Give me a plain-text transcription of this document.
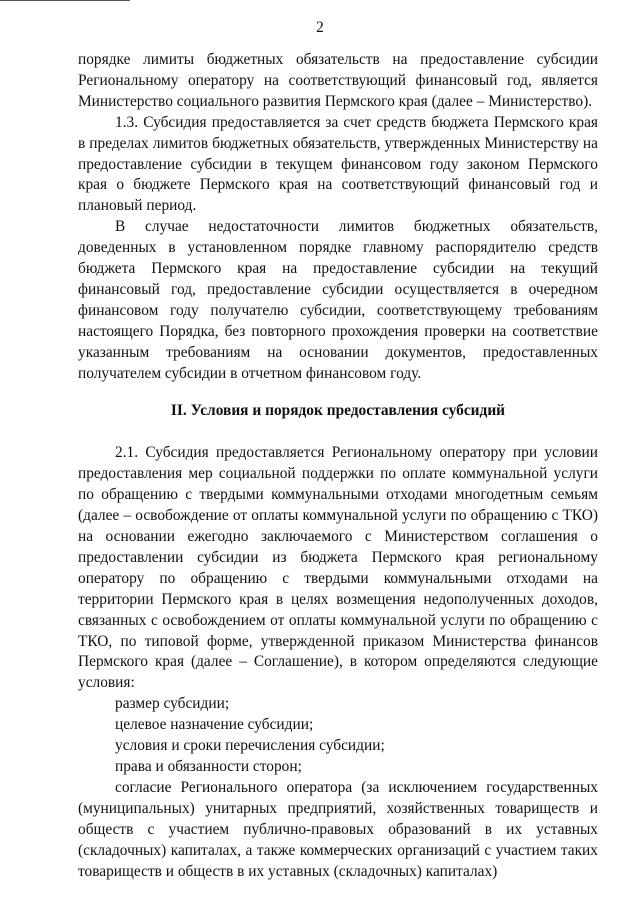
2

порядке лимиты бюджетных обязательств на предоставление субсидии Региональному оператору на соответствующий финансовый год, является Министерство социального развития Пермского края (далее – Министерство).

1.3. Субсидия предоставляется за счет средств бюджета Пермского края в пределах лимитов бюджетных обязательств, утвержденных Министерству на предоставление субсидии в текущем финансовом году законом Пермского края о бюджете Пермского края на соответствующий финансовый год и плановый период.

В случае недостаточности лимитов бюджетных обязательств, доведенных в установленном порядке главному распорядителю средств бюджета Пермского края на предоставление субсидии на текущий финансовый год, предоставление субсидии осуществляется в очередном финансовом году получателю субсидии, соответствующему требованиям настоящего Порядка, без повторного прохождения проверки на соответствие указанным требованиям на основании документов, предоставленных получателем субсидии в отчетном финансовом году.

II. Условия и порядок предоставления субсидий

2.1. Субсидия предоставляется Региональному оператору при условии предоставления мер социальной поддержки по оплате коммунальной услуги по обращению с твердыми коммунальными отходами многодетным семьям (далее – освобождение от оплаты коммунальной услуги по обращению с ТКО) на основании ежегодно заключаемого с Министерством соглашения о предоставлении субсидии из бюджета Пермского края региональному оператору по обращению с твердыми коммунальными отходами на территории Пермского края в целях возмещения недополученных доходов, связанных с освобождением от оплаты коммунальной услуги по обращению с ТКО, по типовой форме, утвержденной приказом Министерства финансов Пермского края (далее – Соглашение), в котором определяются следующие условия:

размер субсидии;

целевое назначение субсидии;

условия и сроки перечисления субсидии;

права и обязанности сторон;

согласие Регионального оператора (за исключением государственных (муниципальных) унитарных предприятий, хозяйственных товариществ и обществ с участием публично-правовых образований в их уставных (складочных) капиталах, а также коммерческих организаций с участием таких товариществ и обществ в их уставных (складочных) капиталах)
